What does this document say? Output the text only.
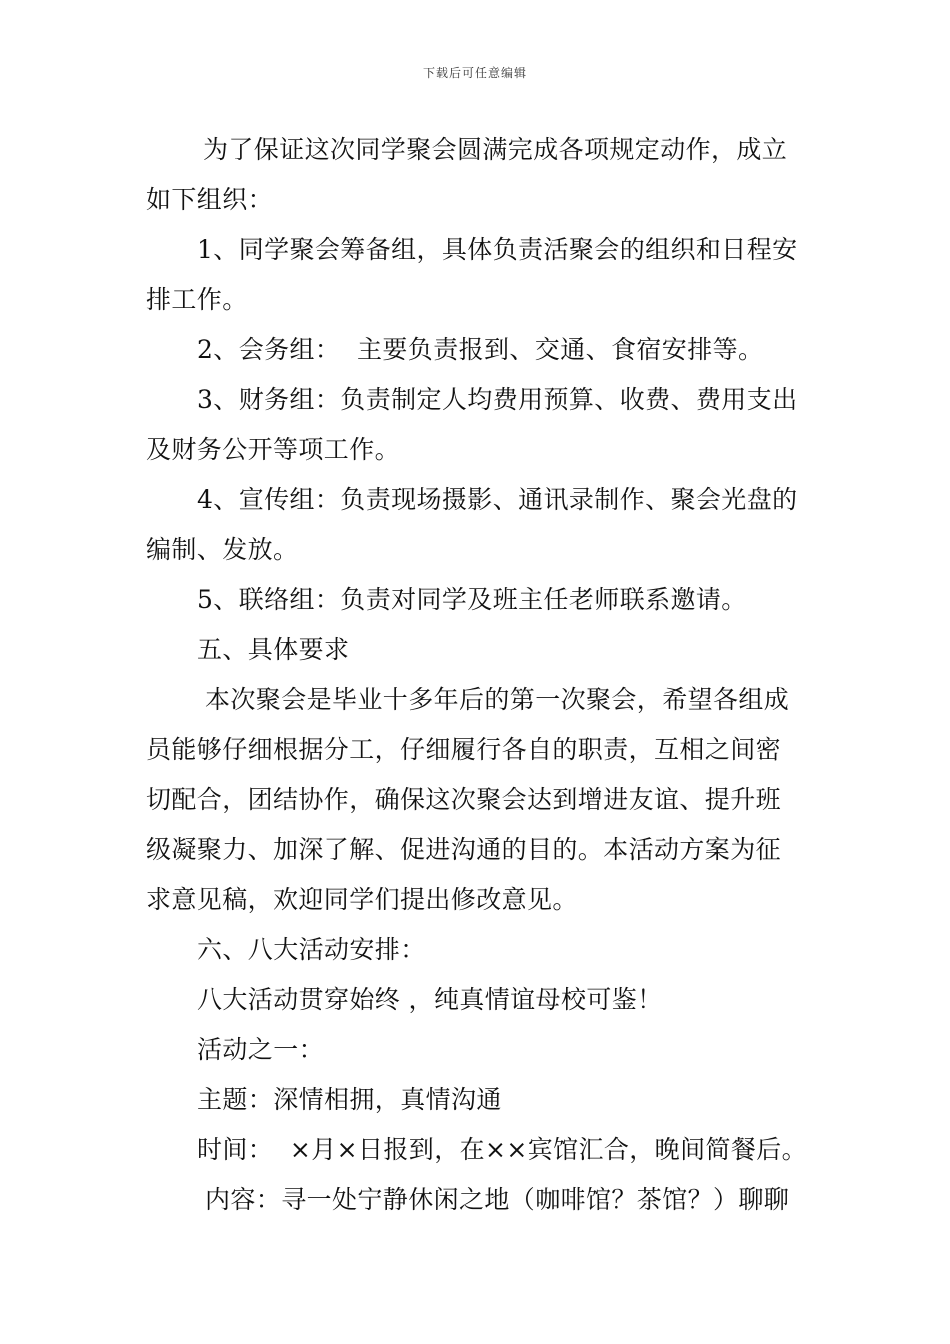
下载后可任意编辑
为了保证这次同学聚会圆满完成各项规定动作，成立
如下组织：
1、同学聚会筹备组，具体负责活聚会的组织和日程安
排工作。
2、会务组：  主要负责报到、交通、食宿安排等。
3、财务组：负责制定人均费用预算、收费、费用支出
及财务公开等项工作。
4、宣传组：负责现场摄影、通讯录制作、聚会光盘的
编制、发放。
5、联络组：负责对同学及班主任老师联系邀请。
五、具体要求
本次聚会是毕业十多年后的第一次聚会，希望各组成
员能够仔细根据分工，仔细履行各自的职责，互相之间密
切配合，团结协作，确保这次聚会达到增进友谊、提升班
级凝聚力、加深了解、促进沟通的目的。本活动方案为征
求意见稿，欢迎同学们提出修改意见。
六、八大活动安排：
八大活动贯穿始终 ，纯真情谊母校可鉴！
活动之一：
主题：深情相拥，真情沟通
时间：  ×月×日报到，在××宾馆汇合，晚间简餐后。
内容：寻一处宁静休闲之地（咖啡馆？茶馆？）聊聊
